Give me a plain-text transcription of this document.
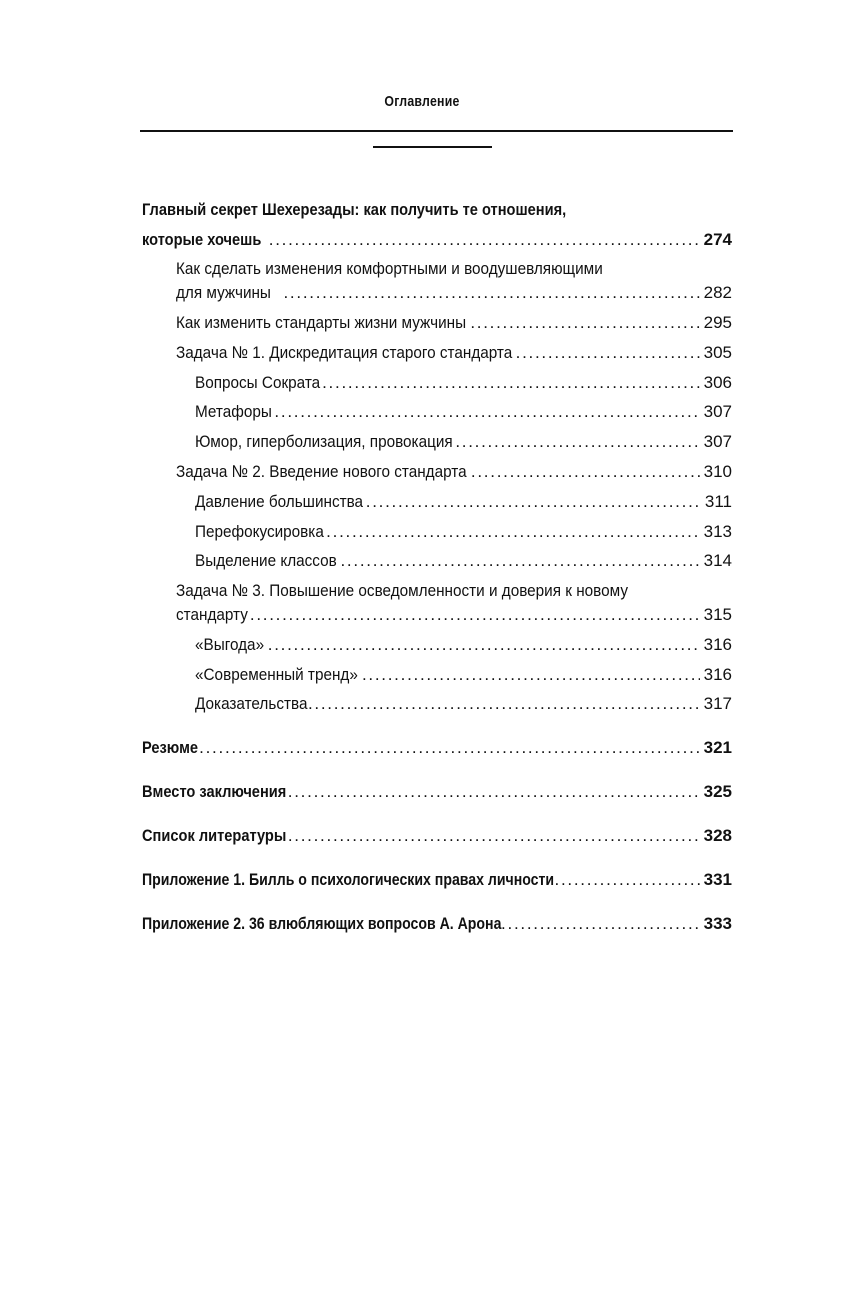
Оглавление
Главный секрет Шехерезады: как получить те отношения,
которые хочешь . . .	274
Как сделать изменения комфортными и воодушевляющими
для мужчины . . .	282
Как изменить стандарты жизни мужчины . . .	295
Задача № 1. Дискредитация старого стандарта . . .	305
Вопросы Сократа . . .	306
Метафоры . . .	307
Юмор, гиперболизация, провокация . . .	307
Задача № 2. Введение нового стандарта . . .	310
Давление большинства . . .	311
Перефокусировка . . .	313
Выделение классов . . .	314
Задача № 3. Повышение осведомленности и доверия к новому
стандарту . . .	315
«Выгода» . . .	316
«Современный тренд» . . .	316
Доказательства . . .	317
Резюме . . .	321
Вместо заключения . . .	325
Список литературы . . .	328
Приложение 1. Билль о психологических правах личности . . .	331
Приложение 2. 36 влюбляющих вопросов А. Арона . . .	333
